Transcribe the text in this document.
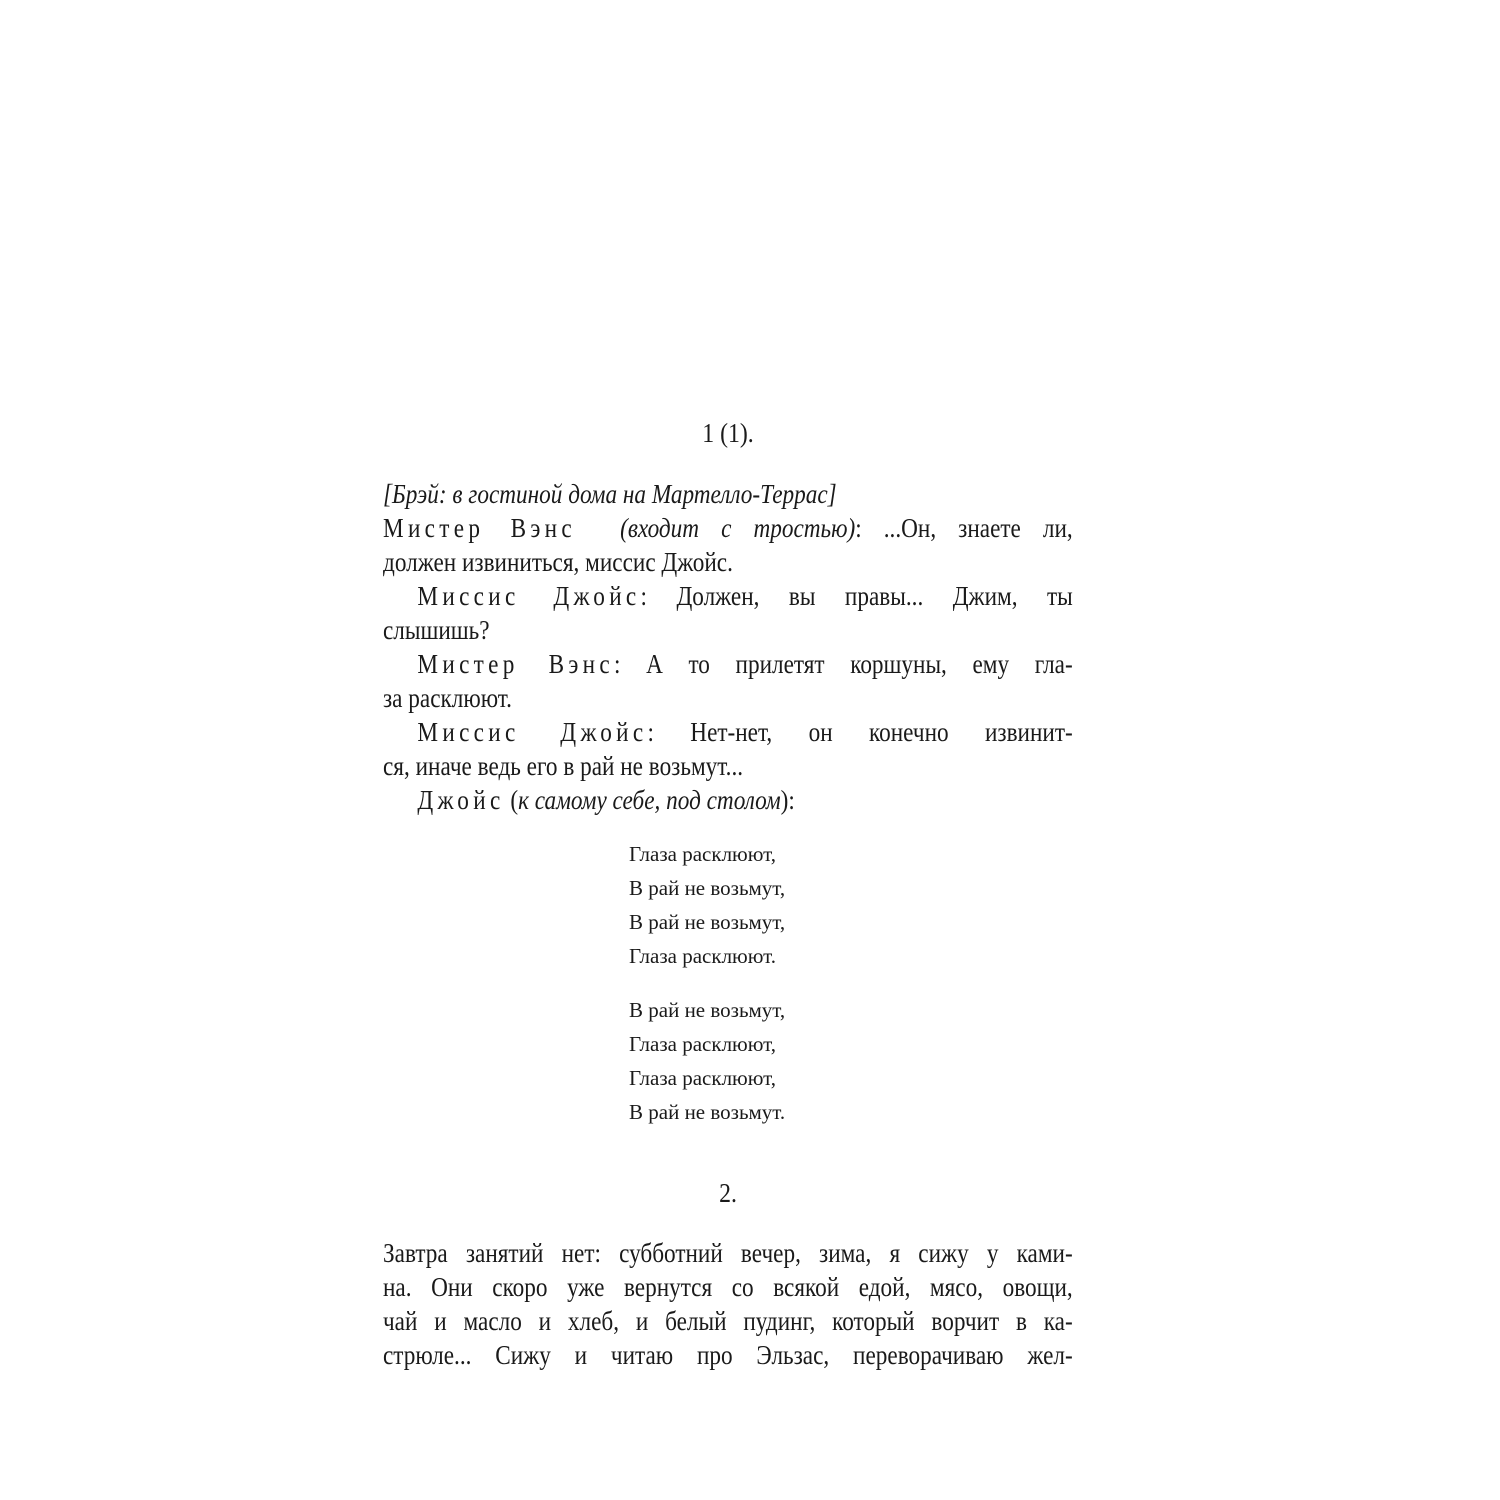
1 (1).
[Брэй: в гостиной дома на Мартелло-Террас]
Мистер Вэнс (входит с тростью): ...Он, знаете ли,
должен извиниться, миссис Джойс.
Миссис Джойс: Должен, вы правы... Джим, ты
слышишь?
Мистер Вэнс: А то прилетят коршуны, ему гла-
за расклюют.
Миссис Джойс: Нет-нет, он конечно извинит-
ся, иначе ведь его в рай не возьмут...
Джойс (к самому себе, под столом):
2.
Завтра занятий нет: субботний вечер, зима, я сижу у ками-
на. Они скоро уже вернутся со всякой едой, мясо, овощи,
чай и масло и хлеб, и белый пудинг, который ворчит в ка-
стрюле... Сижу и читаю про Эльзас, переворачиваю жел-
Глаза расклюют,
В рай не возьмут,
В рай не возьмут,
Глаза расклюют.
В рай не возьмут,
Глаза расклюют,
Глаза расклюют,
В рай не возьмут.
